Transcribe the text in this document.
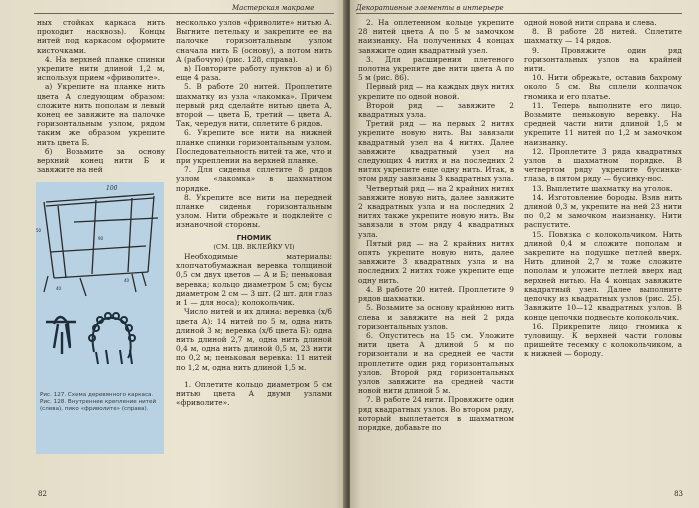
Мастерская макраме

ных стойках каркаса нить проходит насквозь). Концы нитей под каркасом оформите кисточками.

4. На верхней планке спинки укрепите нити длиной 1,2 м, используя прием «фриволите».

а) Укрепите на планке нить цвета А следующим образом: сложите нить пополам и левый конец ее завяжите на палочке горизонтальным узлом, рядом таким же образом укрепите нить цвета Б.

б) Возьмите за основу верхний конец нити Б и завяжите на ней

100
50
90
40
40
Рис. 127. Схема деревянного каркаса.
Рис. 128. Внутреннее крепление нитей (слева), пико «фриволите» (справа).

несколько узлов «фриволите» нитью А. Выгните петельку и закрепите ее на палочке горизонтальным узлом сначала нить Б (основу), а потом нить А (рабочую) (рис. 128, справа).

в) Повторите работу пунктов а) и б) еще 4 раза.

5. В работе 20 нитей. Проплетите шахматку из узла «лакомка». Причем первый ряд сделайте нитью цвета А, второй — цвета Б, третий — цвета А. Так, чередуя нити, сплетите 6 рядов.

6. Укрепите все нити на нижней планке спинки горизонтальным узлом. Последовательность нитей та же, что и при укреплении на верхней планке.

7. Для сиденья сплетите 8 рядов узлом «лакомка» в шахматном порядке.

8. Укрепите все нити на передней планке сиденья горизонтальным узлом. Нити обрежьте и подклейте с изнаночной стороны.

ГНОМИК

(СМ. ЦВ. ВКЛЕЙКУ VI)

Необходимые материалы: хлопчатобумажная веревка толщиной 0,5 см двух цветов — А и Б; пеньковая веревка; кольцо диаметром 5 см; бусы диаметром 2 см — 3 шт. (2 шт. для глаз и 1 — для носа); колокольчик.

Число нитей и их длина: веревка (х/б цвета А): 14 нитей по 5 м, одна нить длиной 3 м; веревка (х/б цвета Б): одна нить длиной 2,7 м, одна нить длиной 0,4 м, одна нить длиной 0,5 м, 23 нити по 0,2 м; пеньковая веревка: 11 нитей по 1,2 м, одна нить длиной 1,5 м.

1. Оплетите кольцо диаметром 5 см нитью цвета А двумя узлами «фриволите».

82
Декоративные элементы в интерьере

2. На оплетенном кольце укрепите 28 нитей цвета А по 5 м замочком наизнанку. На полученных 4 концах завяжите один квадратный узел.

3. Для расширения плетеного полотна укрепите две нити цвета А по 5 м (рис. 86).

Первый ряд — на каждых двух нитях укрепите по одной новой.

Второй ряд — завяжите 2 квадратных узла.

Третий ряд — на первых 2 нитях укрепите новую нить. Вы завязали квадратный узел на 4 нитях. Далее завяжите квадратный узел на следующих 4 нитях и на последних 2 нитях укрепите еще одну нить. Итак, в этом ряду завязаны 3 квадратных узла.

Четвертый ряд — на 2 крайних нитях завяжите новую нить, далее завяжите 2 квадратных узла и на последних 2 нитях также укрепите новую нить. Вы завязали в этом ряду 4 квадратных узла.

Пятый ряд — на 2 крайних нитях опять укрепите новую нить, далее завяжите 3 квадратных узла и на последних 2 нитях тоже укрепите еще одну нить.

4. В работе 20 нитей. Проплетите 9 рядов шахматки.

5. Возьмите за основу крайнюю нить слева и завяжите на ней 2 ряда горизонтальных узлов.

6. Опуститесь на 15 см. Уложите нити цвета А длиной 5 м по горизонтали и на средней ее части проплетите один ряд горизонтальных узлов. Второй ряд горизонтальных узлов завяжите на средней части новой нити длиной 5 м.

7. В работе 24 нити. Провяжите один ряд квадратных узлов. Во втором ряду, который выплетается в шахматном порядке, добавьте по

одной новой нити справа и слева.

8. В работе 28 нитей. Сплетите шахматку — 14 рядов.

9. Провяжите один ряд горизонтальных узлов на крайней нити.

10. Нити обрежьте, оставив бахрому около 5 см. Вы сплели колпачок гномика и его платье.

11. Теперь выполните его лицо. Возьмите пеньковую веревку. На средней части нити длиной 1,5 м укрепите 11 нитей по 1,2 м замочком наизнанку.

12. Проплетите 3 ряда квадратных узлов в шахматном порядке. В четвертом ряду укрепите бусинки-глаза, в пятом ряду — бусинку-нос.

13. Выплетите шахматку на уголок.

14. Изготовление бороды. Взяв нить длиной 0,3 м, укрепите на ней 23 нити по 0,2 м замочком наизнанку. Нити распустите.

15. Повязка с колокольчиком. Нить длиной 0,4 м сложите пополам и закрепите на подушке петлей вверх. Нить длиной 2,7 м тоже сложите пополам и уложите петлей вверх над верхней нитью. На 4 концах завяжите квадратный узел. Далее выполните цепочку из квадратных узлов (рис. 25). Завяжите 10—12 квадратных узлов. В конце цепочки подвесьте колокольчик.

16. Прикрепите лицо гномика к туловищу. К верхней части головы пришейте тесемку с колокольчиком, а к нижней — бороду.

83
